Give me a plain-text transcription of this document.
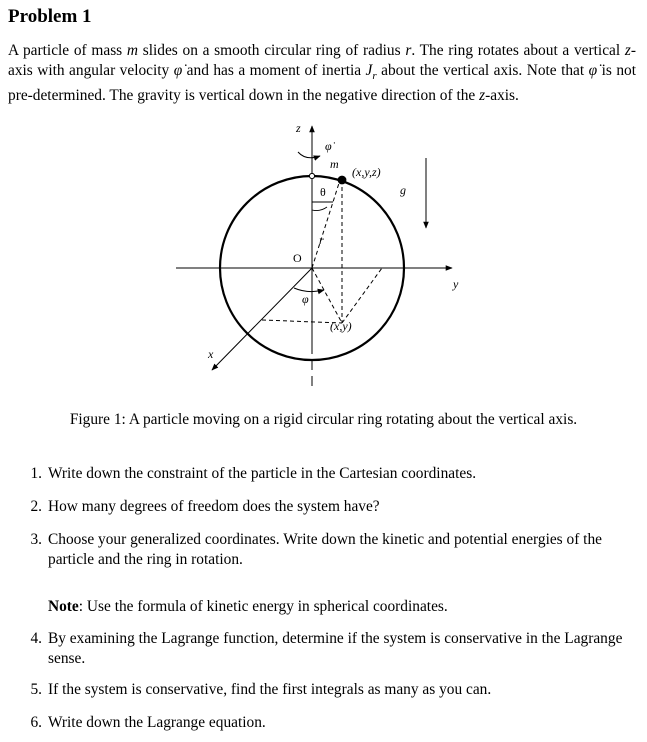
Problem 1

A particle of mass m slides on a smooth circular ring of radius r. The ring rotates about a vertical z-axis with angular velocity φ̇ and has a moment of inertia $J_r$ about the vertical axis. Note that φ̇ is not pre-determined. The gravity is vertical down in the negative direction of the z-axis.

z
φ̇
m
(x,y,z)
g
θ
r
O
φ
(x,y)
x
y

Figure 1: A particle moving on a rigid circular ring rotating about the vertical axis.

1. Write down the constraint of the particle in the Cartesian coordinates.
2. How many degrees of freedom does the system have?
3. Choose your generalized coordinates. Write down the kinetic and potential energies of the particle and the ring in rotation.
4. By examining the Lagrange function, determine if the system is conservative in the Lagrange sense.
5. If the system is conservative, find the first integrals as many as you can.
6. Write down the Lagrange equation.

Note: Use the formula of kinetic energy in spherical coordinates.
